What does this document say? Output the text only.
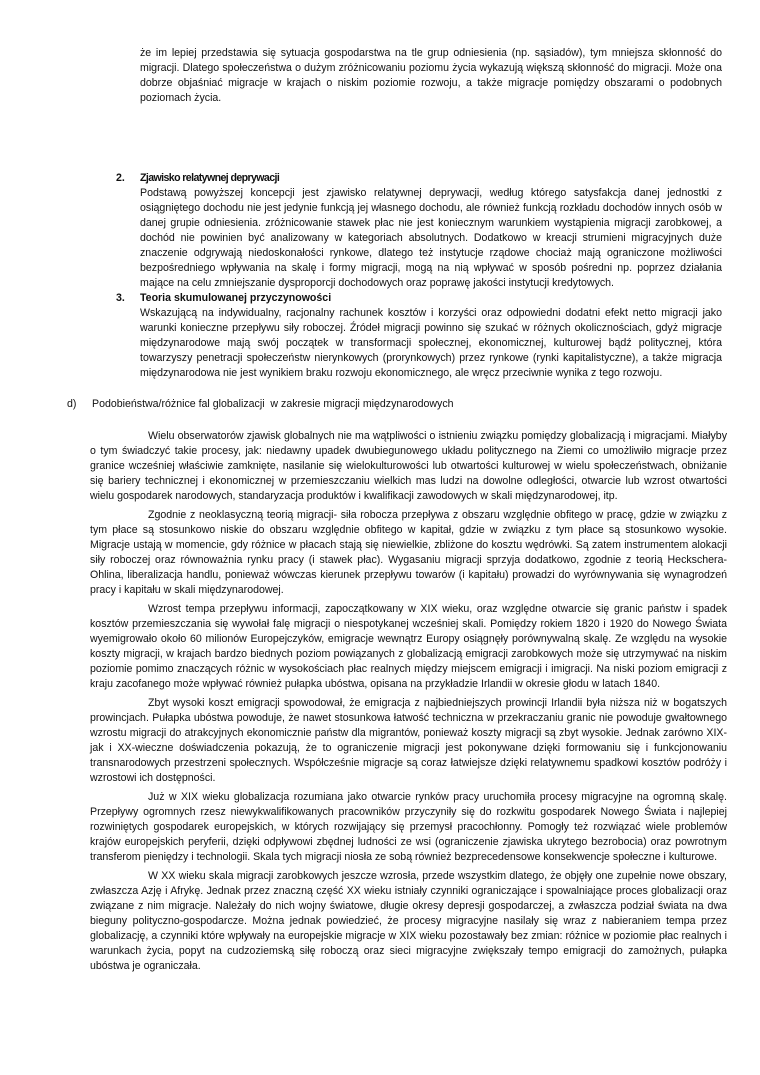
że im lepiej przedstawia się sytuacja gospodarstwa na tle grup odniesienia (np. sąsiadów), tym mniejsza skłonność do migracji. Dlatego społeczeństwa o dużym zróżnicowaniu poziomu życia wykazują większą skłonność do migracji. Może ona dobrze objaśniać migracje w krajach o niskim poziomie rozwoju, a także migracje pomiędzy obszarami o podobnych poziomach życia.

2. Zjawisko relatywnej deprywacji
Podstawą powyższej koncepcji jest zjawisko relatywnej deprywacji, według którego satysfakcja danej jednostki z osiągniętego dochodu nie jest jedynie funkcją jej własnego dochodu, ale również funkcją rozkładu dochodów innych osób w danej grupie odniesienia. zróżnicowanie stawek płac nie jest koniecznym warunkiem wystąpienia migracji zarobkowej, a dochód nie powinien być analizowany w kategoriach absolutnych. Dodatkowo w kreacji strumieni migracyjnych duże znaczenie odgrywają niedoskonałości rynkowe, dlatego też instytucje rządowe chociaż mają ograniczone możliwości bezpośredniego wpływania na skalę i formy migracji, mogą na nią wpływać w sposób pośredni np. poprzez działania mające na celu zmniejszanie dysproporcji dochodowych oraz poprawę jakości instytucji kredytowych.
3. Teoria skumulowanej przyczynowości
Wskazującą na indywidualny, racjonalny rachunek kosztów i korzyści oraz odpowiedni dodatni efekt netto migracji jako warunki konieczne przepływu siły roboczej. Źródeł migracji powinno się szukać w różnych okolicznościach, gdyż migracje międzynarodowe mają swój początek w transformacji społecznej, ekonomicznej, kulturowej bądź politycznej, która towarzyszy penetracji społeczeństw nierynkowych (prorynkowych) przez rynkowe (rynki kapitalistyczne), a także migracja międzynarodowa nie jest wynikiem braku rozwoju ekonomicznego, ale wręcz przeciwnie wynika z tego rozwoju.
d) Podobieństwa/różnice fal globalizacji  w zakresie migracji międzynarodowych

Wielu obserwatorów zjawisk globalnych nie ma wątpliwości o istnieniu związku pomiędzy globalizacją i migracjami. Miałyby o tym świadczyć takie procesy, jak: niedawny upadek dwubiegunowego układu politycznego na Ziemi co umożliwiło migracje przez granice wcześniej właściwie zamknięte, nasilanie się wielokulturowości lub otwartości kulturowej w wielu społeczeństwach, obniżanie się bariery technicznej i ekonomicznej w przemieszczaniu wielkich mas ludzi na dowolne odległości, otwarcie lub wzrost otwartości wielu gospodarek narodowych, standaryzacja produktów i kwalifikacji zawodowych w skali międzynarodowej, itp.

Zgodnie z neoklasyczną teorią migracji- siła robocza przepływa z obszaru względnie obfitego w pracę, gdzie w związku z tym płace są stosunkowo niskie do obszaru względnie obfitego w kapitał, gdzie w związku z tym płace są stosunkowo wysokie. Migracje ustają w momencie, gdy różnice w płacach stają się niewielkie, zbliżone do kosztu wędrówki. Są zatem instrumentem alokacji siły roboczej oraz równoważnia rynku pracy (i stawek płac). Wygasaniu migracji sprzyja dodatkowo, zgodnie z teorią Heckschera- Ohlina, liberalizacja handlu, ponieważ wówczas kierunek przepływu towarów (i kapitału) prowadzi do wyrównywania się wynagrodzeń pracy i kapitału w skali międzynarodowej.

Wzrost tempa przepływu informacji, zapoczątkowany w XIX wieku, oraz względne otwarcie się granic państw i spadek kosztów przemieszczania się wywołał falę migracji o niespotykanej wcześniej skali. Pomiędzy rokiem 1820 i 1920 do Nowego Świata wyemigrowało około 60 milionów Europejczyków, emigracje wewnątrz Europy osiągnęły porównywalną skalę. Ze względu na wysokie koszty migracji, w krajach bardzo biednych poziom powiązanych z globalizacją emigracji zarobkowych może się utrzymywać na niskim poziomie pomimo znaczących różnic w wysokościach płac realnych między miejscem emigracji i imigracji. Na niski poziom emigracji z kraju zacofanego może wpływać również pułapka ubóstwa, opisana na przykładzie Irlandii w okresie głodu w latach 1840.

Zbyt wysoki koszt emigracji spowodował, że emigracja z najbiedniejszych prowincji Irlandii była niższa niż w bogatszych prowincjach. Pułapka ubóstwa powoduje, że nawet stosunkowa łatwość techniczna w przekraczaniu granic nie powoduje gwałtownego wzrostu migracji do atrakcyjnych ekonomicznie państw dla migrantów, ponieważ koszty migracji są zbyt wysokie. Jednak zarówno XIX- jak i XX-wieczne doświadczenia pokazują, że to ograniczenie migracji jest pokonywane dzięki formowaniu się i funkcjonowaniu transnarodowych przestrzeni społecznych. Współcześnie migracje są coraz łatwiejsze dzięki relatywnemu spadkowi kosztów podróży i wzrostowi ich dostępności.

Już w XIX wieku globalizacja rozumiana jako otwarcie rynków pracy uruchomiła procesy migracyjne na ogromną skalę. Przepływy ogromnych rzesz niewykwalifikowanych pracowników przyczyniły się do rozkwitu gospodarek Nowego Świata i najlepiej rozwiniętych gospodarek europejskich, w których rozwijający się przemysł pracochłonny. Pomogły też rozwiązać wiele problemów krajów europejskich peryferii, dzięki odpływowi zbędnej ludności ze wsi (ograniczenie zjawiska ukrytego bezrobocia) oraz powrotnym transferom pieniędzy i technologii. Skala tych migracji niosła ze sobą również bezprecedensowe konsekwencje społeczne i kulturowe.

W XX wieku skala migracji zarobkowych jeszcze wzrosła, przede wszystkim dlatego, że objęły one zupełnie nowe obszary, zwłaszcza Azję i Afrykę. Jednak przez znaczną część XX wieku istniały czynniki ograniczające i spowalniające proces globalizacji oraz związane z nim migracje. Należały do nich wojny światowe, długie okresy depresji gospodarczej, a zwłaszcza podział świata na dwa bieguny polityczno-gospodarcze. Można jednak powiedzieć, że procesy migracyjne nasilały się wraz z nabieraniem tempa przez globalizację, a czynniki które wpływały na europejskie migracje w XIX wieku pozostawały bez zmian: różnice w poziomie płac realnych i warunkach życia, popyt na cudzoziemską siłę roboczą oraz sieci migracyjne zwiększały tempo emigracji do zamożnych, pułapka ubóstwa je ograniczała.
